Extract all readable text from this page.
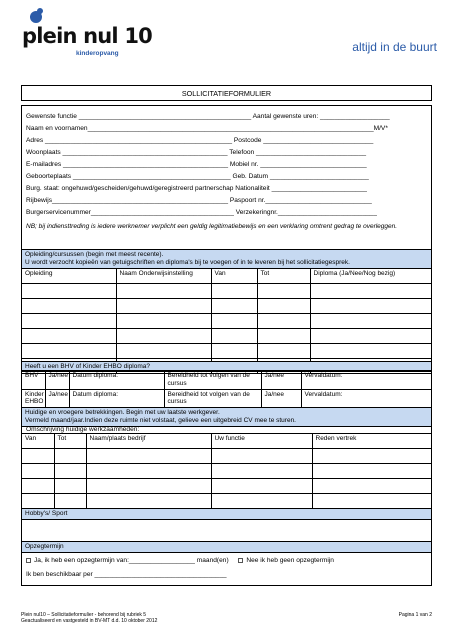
plein nul 10
kinderopvang	altijd in de buurt
SOLLICITATIEFORMULIER
Gewenste functie _______________________________________________ Aantal gewenste uren: ___________________
Naam en voornamen______________________________________________________________________________M/V*
Adres ___________________________________________________ Postcode ______________________________
Woonplaats _____________________________________________ Telefoon ______________________________
E-mailadres _____________________________________________ Mobiel nr. _____________________________
Geboorteplaats ___________________________________________ Geb. Datum ___________________________
Burg. staat: ongehuwd/gescheiden/gehuwd/geregistreerd partnerschap Nationaliteit __________________________
Rijbewijs________________________________________________ Paspoort nr._____________________________
Burgerservicenummer_______________________________________ Verzekeringnr.___________________________
NB; bij indiensttreding is iedere werknemer verplicht een geldig legitimatiebewijs en een verklaring omtrent gedrag te overleggen.
Opleiding/cursussen (begin met meest recente).
U wordt verzocht kopieën van getuigschriften en diploma's bij te voegen of in te leveren bij het sollicitatiegesprek.
Opleiding	Naam Onderwijsinstelling	Van	Tot	Diploma (Ja/Nee/Nog bezig)

Heeft u een BHV of Kinder EHBO diploma?
BHV	Ja/nee	Datum diploma:	Bereidheid tot volgen van de cursus	Ja/nee	Vervaldatum:
Kinder EHBO	Ja/nee	Datum diploma:	Bereidheid tot volgen van de cursus	Ja/nee	Vervaldatum:
Huidige en vroegere betrekkingen. Begin met uw laatste werkgever.
Vermeld maand/jaar.Indien deze ruimte niet volstaat, gelieve een uitgebreid CV mee te sturen.
Omschrijving huidige werkzaamheden:
Van	Tot	Naam/plaats bedrijf	Uw functie	Reden vertrek

Hobby's/ Sport
Opzegtermijn
Ja, ik heb een opzegtermijn van:__________________ maand(en)	Nee ik heb geen opzegtermijn
Ik ben beschikbaar per ____________________________________
Plein nul10 – Sollicitatieformulier - behorend bij rubriek 5
Geactualiseerd en vastgesteld in BV-MT d.d. 10 oktober 2012
Pagina 1 van 2
